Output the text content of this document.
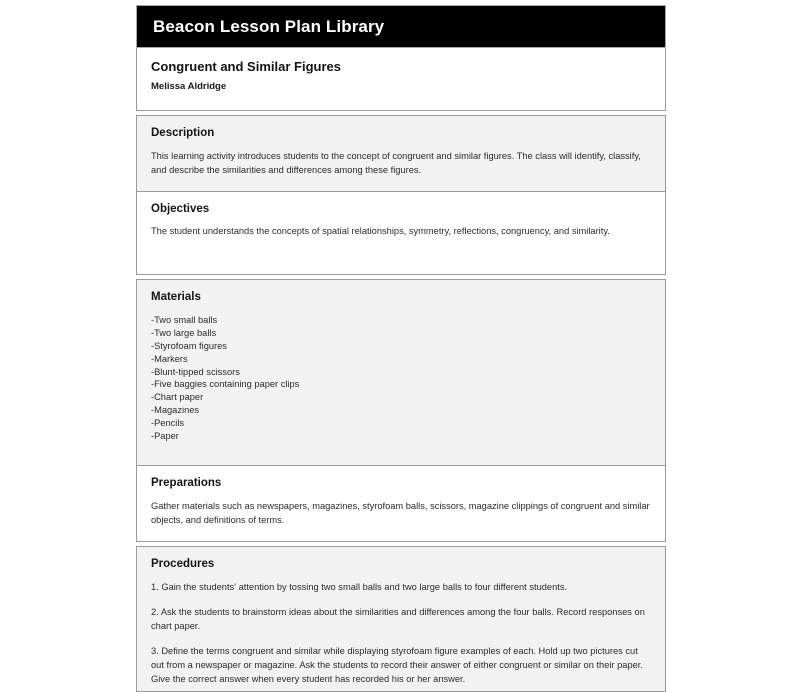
Beacon Lesson Plan Library
Congruent and Similar Figures

Melissa Aldridge

Description
This learning activity introduces students to the concept of congruent and similar figures. The class will identify, classify, and describe the similarities and differences among these figures.
Objectives
The student understands the concepts of spatial relationships, symmetry, reflections, congruency, and similarity.
Materials
-Two small balls
-Two large balls
-Styrofoam figures
-Markers
-Blunt-tipped scissors
-Five baggies containing paper clips
-Chart paper
-Magazines
-Pencils
-Paper
Preparations
Gather materials such as newspapers, magazines, styrofoam balls, scissors, magazine clippings of congruent and similar objects, and definitions of terms.
Procedures

1. Gain the students' attention by tossing two small balls and two large balls to four different students.

2. Ask the students to brainstorm ideas about the similarities and differences among the four balls. Record responses on chart paper.

3. Define the terms congruent and similar while displaying styrofoam figure examples of each. Hold up two pictures cut out from a newspaper or magazine. Ask the students to record their answer of either congruent or similar on their paper. Give the correct answer when every student has recorded his or her answer.
